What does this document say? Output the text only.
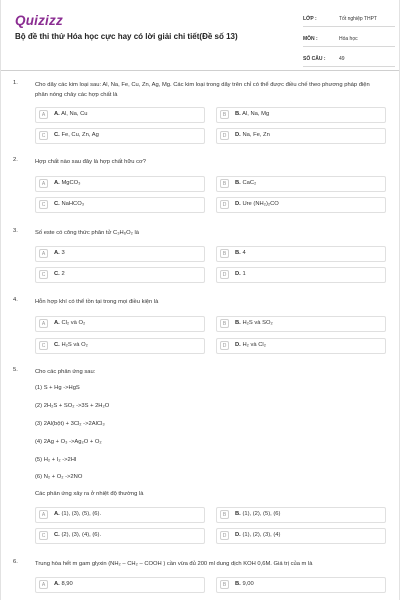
Quizizz
Bộ đề thi thử Hóa học cực hay có lời giải chi tiết(Đề số 13)
LỚP :	Tốt nghiệp THPT
MÔN :	Hóa học
SỐ CÂU :	49
1.	Cho dãy các kim loại sau: Al, Na, Fe, Cu, Zn, Ag, Mg. Các kim loại trong dãy trên chỉ có thể được điều chế theo phương pháp điện phân nóng chảy các hợp chất là
A	A. Al, Na, Cu	B	B. Al, Na, Mg
C	C. Fe, Cu, Zn, Ag	D	D. Na, Fe, Zn
2.	Hợp chất nào sau đây là hợp chất hữu cơ?
A	A. MgCO₃	B	B. CaC₂
C	C. NaHCO₃	D	D. Ure (NH₂)₂CO
3.	Số este có công thức phân tử C₃H₆O₂ là
A	A. 3	B	B. 4
C	C. 2	D	D. 1
4.	Hỗn hợp khí có thể tồn tại trong mọi điều kiện là
A	A. Cl₂ và O₂	B	B. H₂S và SO₂
C	C. H₂S và O₂	D	D. H₂ và Cl₂
5.	Cho các phản ứng sau:
(1) S + Hg ->HgS
(2) 2H₂S + SO₂ ->3S + 2H₂O
(3) 2Al(bột) + 3Cl₂ ->2AlCl₃
(4) 2Ag + O₃ ->Ag₂O + O₂
(5) H₂ + I₂ ->2HI
(6) N₂ + O₂ ->2NO
Các phản ứng xảy ra ở nhiệt độ thường là
A	A. (1), (3), (5), (6).	B	B. (1), (2), (5), (6)
C	C. (2), (3), (4), (6).	D	D. (1), (2), (3), (4)
6.	Trung hòa hết m gam glyxin (NH₂ – CH₂ – COOH ) cần vừa đủ 200 ml dung dịch KOH 0,6M. Giá trị của m là
A	A. 8,90	B	B. 9,00
